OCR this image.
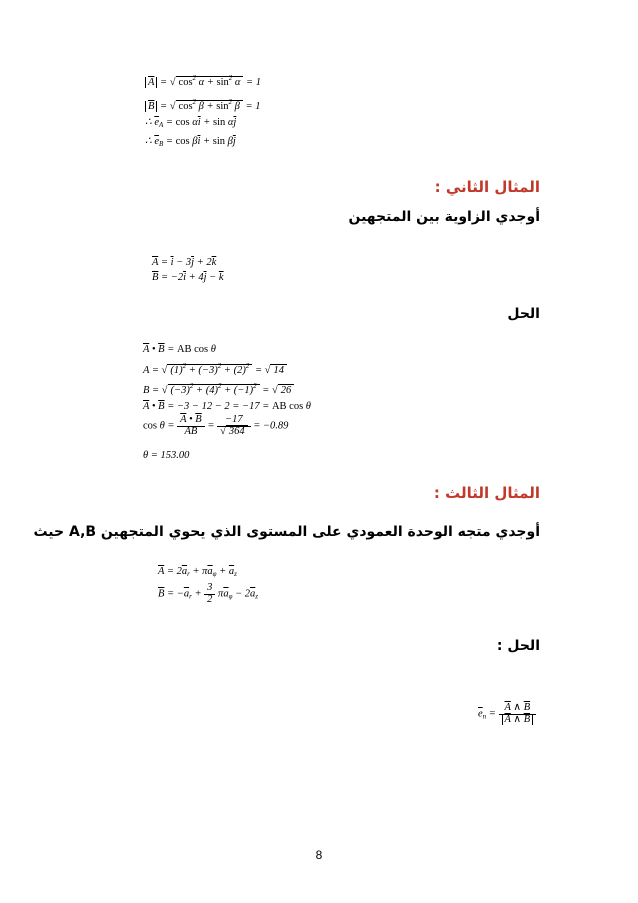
$\overline{A}$ = √ $\cos^2 \alpha + \sin^2 \alpha = 1$
$\overline{B}$ = √ $\cos^2 \beta + \sin^2 \beta = 1$
∴ $\overline{e}_A = \cos \alpha\overline{i} + \sin \alpha\overline{j}$
∴ $\overline{e}_B = \cos \beta\overline{i} + \sin \beta\overline{j}$
المثال الثاني :
أوجدي الزاوية بين المتجهين
$\overline{A} = \overline{i} - 3\overline{j} + 2\overline{k}$
$\overline{B} = -2\overline{i} + 4\overline{j} - \overline{k}$
الحل
$\overline{A}$ • $\overline{B}$ = AB cos θ
A = √ $(1)^2 + (-3)^2 + (2)^2$ = √ 14
B = √ $(-3)^2 + (4)^2 + (-1)^2$ = √ 26
$\overline{A}$ • $\overline{B} = -3 - 12 - 2 = -17$ = AB cos θ
$\cos \theta = \frac{\overline{A} • \overline{B}}{AB} = \frac{-17}{√ 364} = -0.89$
θ = 153.00
المثال الثالث :
أوجدي متجه الوحدة العمودي على المستوى الذي يحوي المتجهين A,B حيث
$\overline{A} = 2\overline{a}_r + \pi\overline{a}_\varphi + \overline{a}_z$
$\overline{B} = -\overline{a}_r + \frac{3}{2} \pi\overline{a}_\varphi - 2\overline{a}_z$
الحل :
$\overline{e}_n = \frac{\overline{A} \wedge \overline{B}}{\overline{A} \wedge \overline{B}}$
8
